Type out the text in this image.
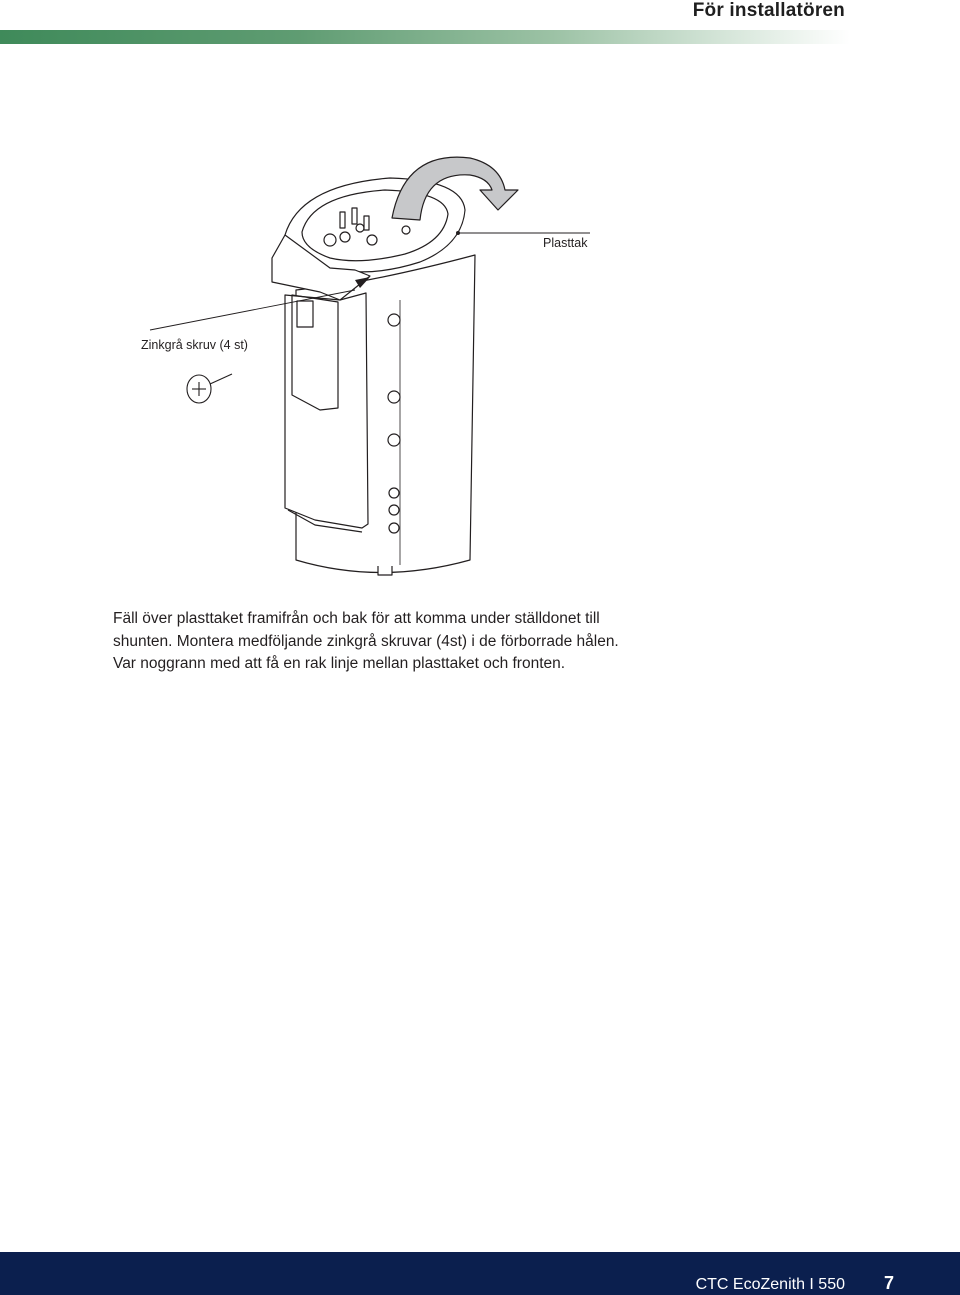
För installatören
Plasttak
Zinkgrå skruv (4 st)

Fäll över plasttaket framifrån och bak för att komma under ställdonet till shunten. Montera medföljande zinkgrå skruvar (4st) i de förborrade hålen. Var noggrann med att få en rak linje mellan plasttaket och fronten.

CTC EcoZenith I 550 7
